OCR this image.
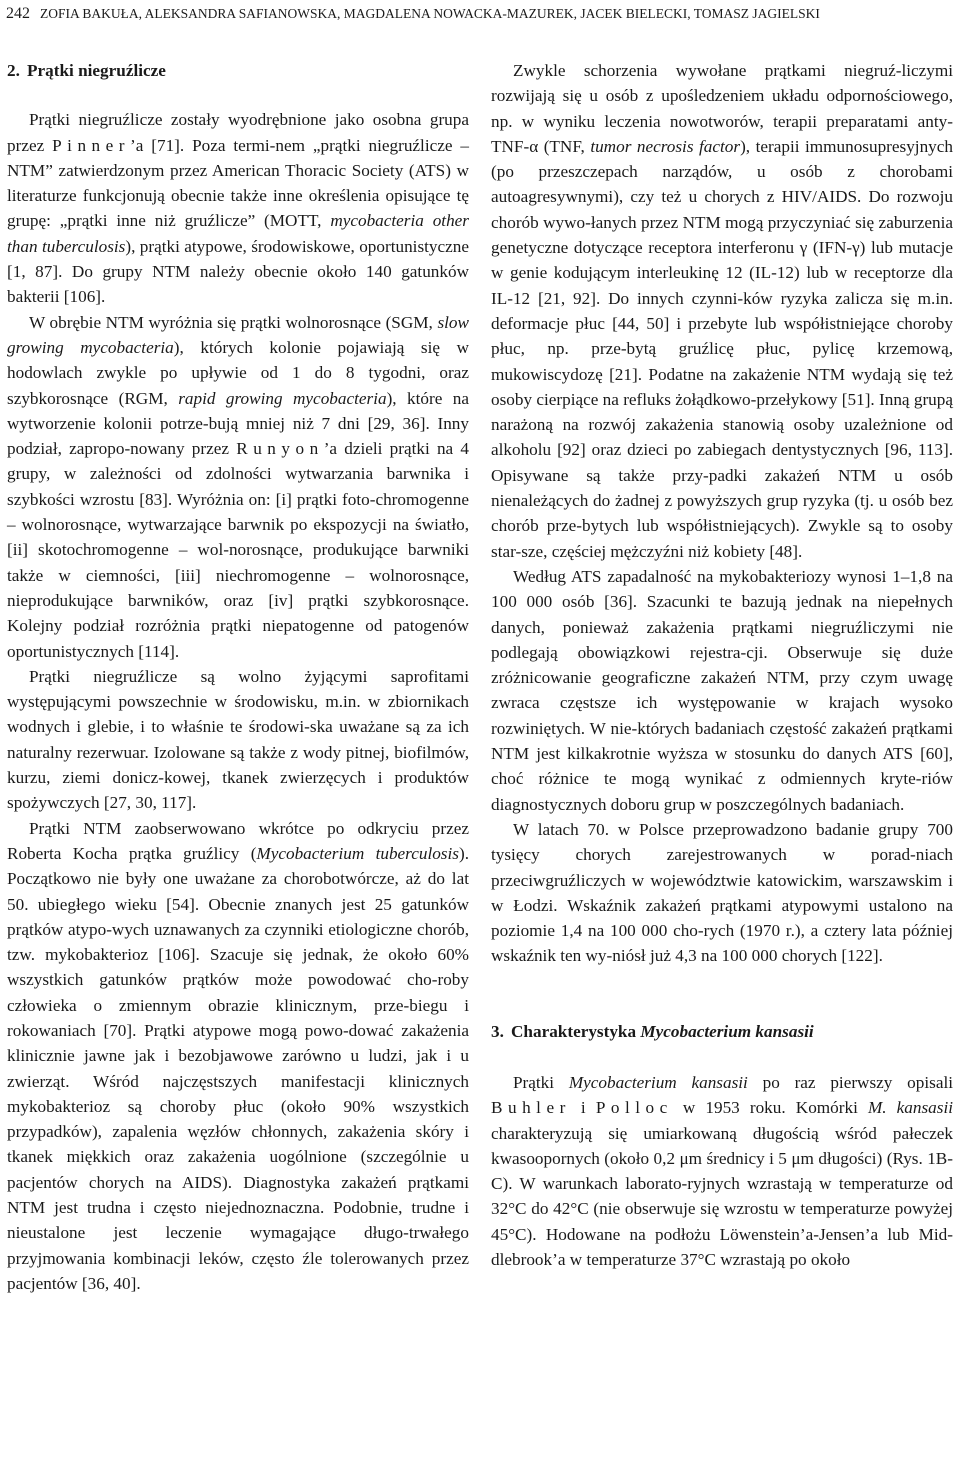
242 ZOFIA BAKUŁA, ALEKSANDRA SAFIANOWSKA, MAGDALENA NOWACKA-MAZUREK, JACEK BIELECKI, TOMASZ JAGIELSKI
2. Prątki niegruźlicze

Prątki niegruźlicze zostały wyodrębnione jako osobna grupa przez Pinner’a [71]. Poza termi-nem „prątki niegruźlicze – NTM” zatwierdzonym przez American Thoracic Society (ATS) w literaturze funkcjonują obecnie także inne określenia opisujące tę grupę: „prątki inne niż gruźlicze” (MOTT, mycobacteria other than tuberculosis), prątki atypowe, środowiskowe, oportunistyczne [1, 87]. Do grupy NTM należy obecnie około 140 gatunków bakterii [106].

W obrębie NTM wyróżnia się prątki wolnorosnące (SGM, slow growing mycobacteria), których kolonie pojawiają się w hodowlach zwykle po upływie od 1 do 8 tygodni, oraz szybkorosnące (RGM, rapid growing mycobacteria), które na wytworzenie kolonii potrze-bują mniej niż 7 dni [29, 36]. Inny podział, zapropo-nowany przez Runyon’a dzieli prątki na 4 grupy, w zależności od zdolności wytwarzania barwnika i szybkości wzrostu [83]. Wyróżnia on: [i] prątki foto-chromogenne – wolnorosnące, wytwarzające barwnik po ekspozycji na światło, [ii] skotochromogenne – wol-norosnące, produkujące barwniki także w ciemności, [iii] niechromogenne – wolnorosnące, nieprodukujące barwników, oraz [iv] prątki szybkorosnące. Kolejny podział rozróżnia prątki niepatogenne od patogenów oportunistycznych [114].

Prątki niegruźlicze są wolno żyjącymi saprofitami występującymi powszechnie w środowisku, m.in. w zbiornikach wodnych i glebie, i to właśnie te środowi-ska uważane są za ich naturalny rezerwuar. Izolowane są także z wody pitnej, biofilmów, kurzu, ziemi donicz-kowej, tkanek zwierzęcych i produktów spożywczych [27, 30, 117].

Prątki NTM zaobserwowano wkrótce po odkryciu przez Roberta Kocha prątka gruźlicy (Mycobacterium tuberculosis). Początkowo nie były one uważane za chorobotwórcze, aż do lat 50. ubiegłego wieku [54]. Obecnie znanych jest 25 gatunków prątków atypo-wych uznawanych za czynniki etiologiczne chorób, tzw. mykobakterioz [106]. Szacuje się jednak, że około 60% wszystkich gatunków prątków może powodować cho-roby człowieka o zmiennym obrazie klinicznym, prze-biegu i rokowaniach [70]. Prątki atypowe mogą powo-dować zakażenia klinicznie jawne jak i bezobjawowe zarówno u ludzi, jak i u zwierząt. Wśród najczęstszych manifestacji klinicznych mykobakterioz są choroby płuc (około 90% wszystkich przypadków), zapalenia węzłów chłonnych, zakażenia skóry i tkanek miękkich oraz zakażenia uogólnione (szczególnie u pacjentów chorych na AIDS). Diagnostyka zakażeń prątkami NTM jest trudna i często niejednoznaczna. Podobnie, trudne i nieustalone jest leczenie wymagające długo-trwałego przyjmowania kombinacji leków, często źle tolerowanych przez pacjentów [36, 40].

Zwykle schorzenia wywołane prątkami niegruź-liczymi rozwijają się u osób z upośledzeniem układu odpornościowego, np. w wyniku leczenia nowotworów, terapii preparatami anty-TNF-α (TNF, tumor necrosis factor), terapii immunosupresyjnych (po przeszczepach narządów, u osób z chorobami autoagresywnymi), czy też u chorych z HIV/AIDS. Do rozwoju chorób wywo-łanych przez NTM mogą przyczyniać się zaburzenia genetyczne dotyczące receptora interferonu γ (IFN-γ) lub mutacje w genie kodującym interleukinę 12 (IL-12) lub w receptorze dla IL-12 [21, 92]. Do innych czynni-ków ryzyka zalicza się m.in. deformacje płuc [44, 50] i przebyte lub współistniejące choroby płuc, np. prze-bytą gruźlicę płuc, pylicę krzemową, mukowiscydozę [21]. Podatne na zakażenie NTM wydają się też osoby cierpiące na refluks żołądkowo-przełykowy [51]. Inną grupą narażoną na rozwój zakażenia stanowią osoby uzależnione od alkoholu [92] oraz dzieci po zabiegach dentystycznych [96, 113]. Opisywane są także przy-padki zakażeń NTM u osób nienależących do żadnej z powyższych grup ryzyka (tj. u osób bez chorób prze-bytych lub współistniejących). Zwykle są to osoby star-sze, częściej mężczyźni niż kobiety [48].

Według ATS zapadalność na mykobakteriozy wynosi 1–1,8 na 100 000 osób [36]. Szacunki te bazują jednak na niepełnych danych, ponieważ zakażenia prątkami niegruźliczymi nie podlegają obowiązkowi rejestra-cji. Obserwuje się duże zróżnicowanie geograficzne zakażeń NTM, przy czym uwagę zwraca częstsze ich występowanie w krajach wysoko rozwiniętych. W nie-których badaniach częstość zakażeń prątkami NTM jest kilkakrotnie wyższa w stosunku do danych ATS [60], choć różnice te mogą wynikać z odmiennych kryte-riów diagnostycznych doboru grup w poszczególnych badaniach.

W latach 70. w Polsce przeprowadzono badanie grupy 700 tysięcy chorych zarejestrowanych w porad-niach przeciwgruźliczych w województwie katowickim, warszawskim i w Łodzi. Wskaźnik zakażeń prątkami atypowymi ustalono na poziomie 1,4 na 100 000 cho-rych (1970 r.), a cztery lata później wskaźnik ten wy-niósł już 4,3 na 100 000 chorych [122].

3. Charakterystyka Mycobacterium kansasii

Prątki Mycobacterium kansasii po raz pierwszy opisali Buhler i Polloc w 1953 roku. Komórki M. kansasii charakteryzują się umiarkowaną długością wśród pałeczek kwasoopornych (około 0,2 μm średnicy i 5 μm długości) (Rys. 1B-C). W warunkach laborato-ryjnych wzrastają w temperaturze od 32°C do 42°C (nie obserwuje się wzrostu w temperaturze powyżej 45°C). Hodowane na podłożu Löwenstein’a-Jensen’a lub Mid-dlebrook’a w temperaturze 37°C wzrastają po około
